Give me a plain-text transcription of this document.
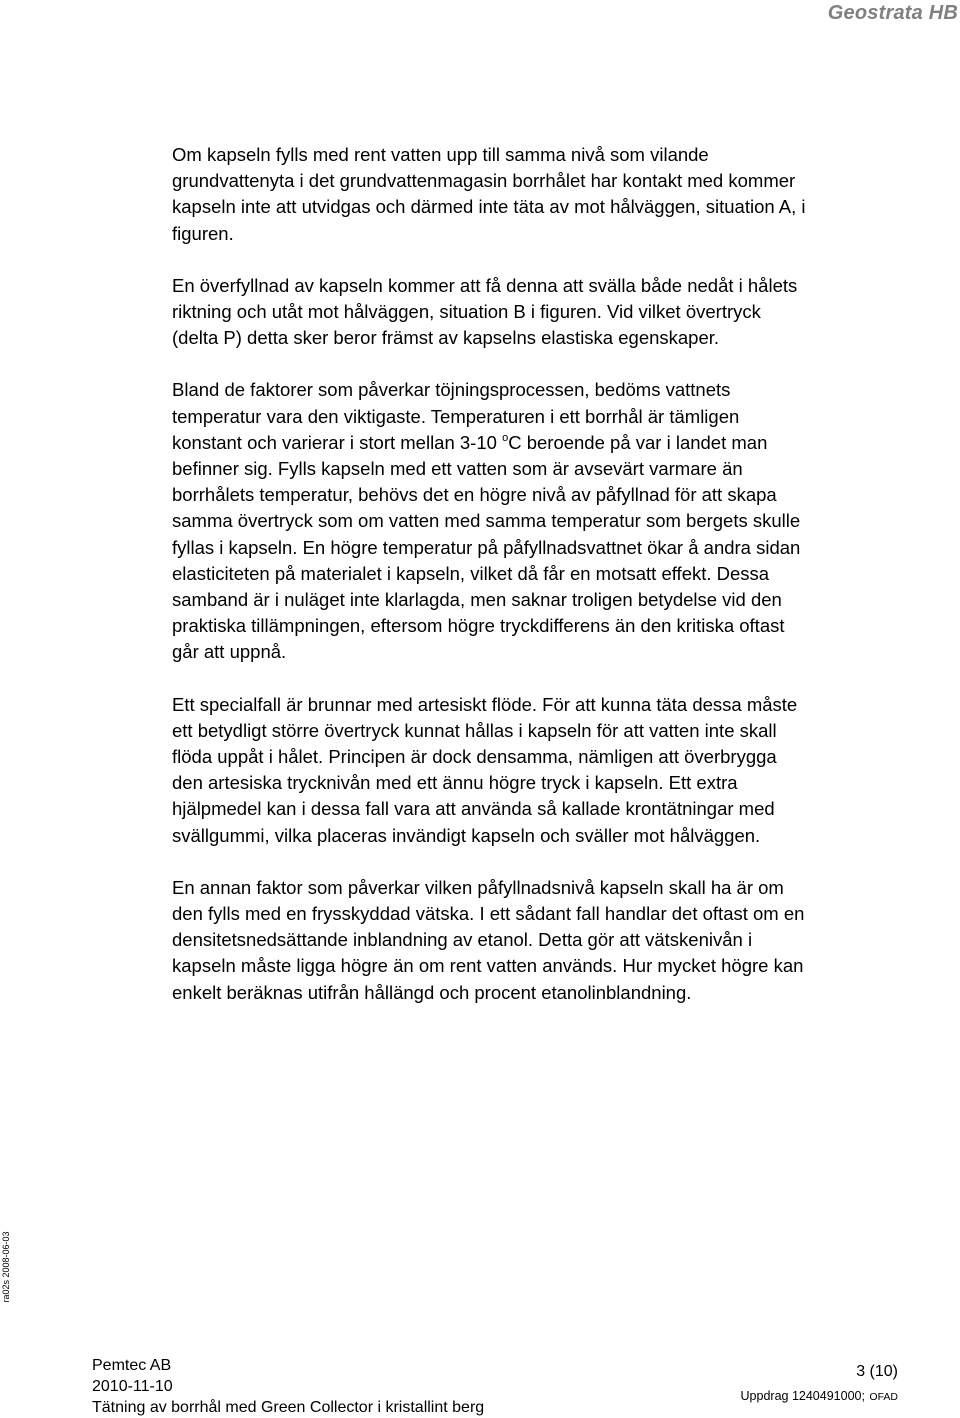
Geostrata HB

Om kapseln fylls med rent vatten upp till samma nivå som vilande grundvattenyta i det grundvattenmagasin borrhålet har kontakt med kommer kapseln inte att utvidgas och därmed inte täta av mot hålväggen, situation A, i figuren.

En överfyllnad av kapseln kommer att få denna att svälla både nedåt i hålets riktning och utåt mot hålväggen, situation B i figuren. Vid vilket övertryck (delta P) detta sker beror främst av kapselns elastiska egenskaper.

Bland de faktorer som påverkar töjningsprocessen, bedöms vattnets temperatur vara den viktigaste. Temperaturen i ett borrhål är tämligen konstant och varierar i stort mellan 3-10 $^o$C beroende på var i landet man befinner sig. Fylls kapseln med ett vatten som är avsevärt varmare än borrhålets temperatur, behövs det en högre nivå av påfyllnad för att skapa samma övertryck som om vatten med samma temperatur som bergets skulle fyllas i kapseln. En högre temperatur på påfyllnadsvattnet ökar å andra sidan elasticiteten på materialet i kapseln, vilket då får en motsatt effekt. Dessa samband är i nuläget inte klarlagda, men saknar troligen betydelse vid den praktiska tillämpningen, eftersom högre tryckdifferens än den kritiska oftast går att uppnå.

Ett specialfall är brunnar med artesiskt flöde. För att kunna täta dessa måste ett betydligt större övertryck kunnat hållas i kapseln för att vatten inte skall flöda uppåt i hålet. Principen är dock densamma, nämligen att överbrygga den artesiska trycknivån med ett ännu högre tryck i kapseln. Ett extra hjälpmedel kan i dessa fall vara att använda så kallade krontätningar med svällgummi, vilka placeras invändigt kapseln och sväller mot hålväggen.

En annan faktor som påverkar vilken påfyllnadsnivå kapseln skall ha är om den fylls med en frysskyddad vätska. I ett sådant fall handlar det oftast om en densitetsnedsättande inblandning av etanol. Detta gör att vätskenivån i kapseln måste ligga högre än om rent vatten används. Hur mycket högre kan enkelt beräknas utifrån hållängd och procent etanolinblandning.

ra02s 2008-06-03
Pemtec AB
2010-11-10
Tätning av borrhål med Green Collector i kristallint berg
3 (10)
Uppdrag 1240491000; OFAD
